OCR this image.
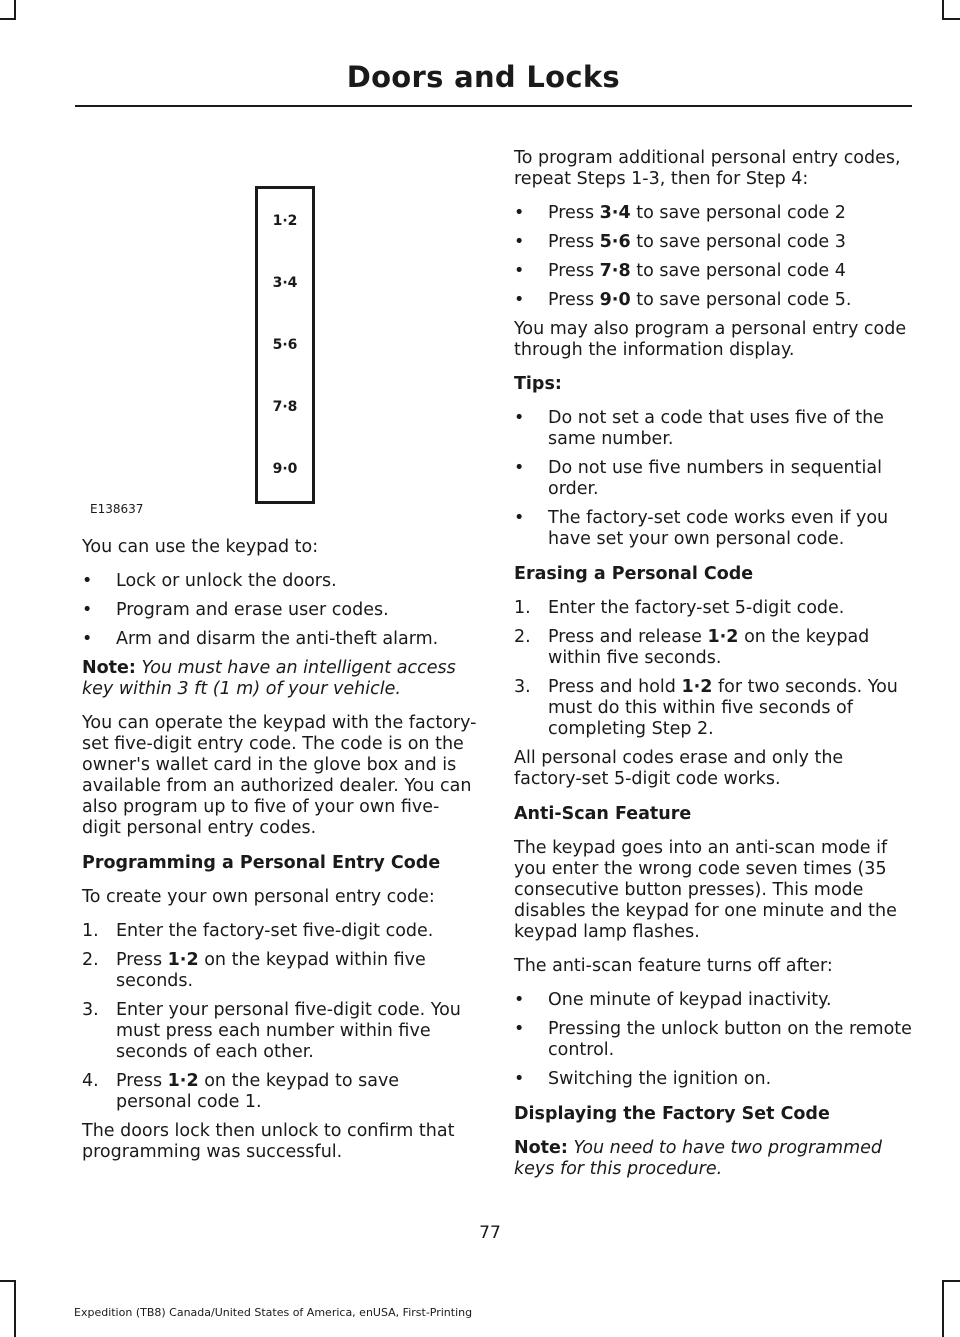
Doors and Locks
1·2
3·4
5·6
7·8
9·0
E138637

You can use the keypad to:

• Lock or unlock the doors.
• Program and erase user codes.
• Arm and disarm the anti-theft alarm.

Note: You must have an intelligent access key within 3 ft (1 m) of your vehicle.

You can operate the keypad with the factory-set five-digit entry code. The code is on the owner's wallet card in the glove box and is available from an authorized dealer. You can also program up to five of your own five-digit personal entry codes.

Programming a Personal Entry Code

To create your own personal entry code:

1. Enter the factory-set five-digit code.
2. Press 1·2 on the keypad within five seconds.
3. Enter your personal five-digit code. You must press each number within five seconds of each other.
4. Press 1·2 on the keypad to save personal code 1.

The doors lock then unlock to confirm that programming was successful.

To program additional personal entry codes, repeat Steps 1-3, then for Step 4:

• Press 3·4 to save personal code 2
• Press 5·6 to save personal code 3
• Press 7·8 to save personal code 4
• Press 9·0 to save personal code 5.

You may also program a personal entry code through the information display.

Tips:

• Do not set a code that uses five of the same number.
• Do not use five numbers in sequential order.
• The factory-set code works even if you have set your own personal code.

Erasing a Personal Code

1. Enter the factory-set 5-digit code.
2. Press and release 1·2 on the keypad within five seconds.
3. Press and hold 1·2 for two seconds. You must do this within five seconds of completing Step 2.

All personal codes erase and only the factory-set 5-digit code works.

Anti-Scan Feature

The keypad goes into an anti-scan mode if you enter the wrong code seven times (35 consecutive button presses). This mode disables the keypad for one minute and the keypad lamp flashes.

The anti-scan feature turns off after:

• One minute of keypad inactivity.
• Pressing the unlock button on the remote control.
• Switching the ignition on.

Displaying the Factory Set Code

Note: You need to have two programmed keys for this procedure.

77
Expedition (TB8) Canada/United States of America, enUSA, First-Printing
